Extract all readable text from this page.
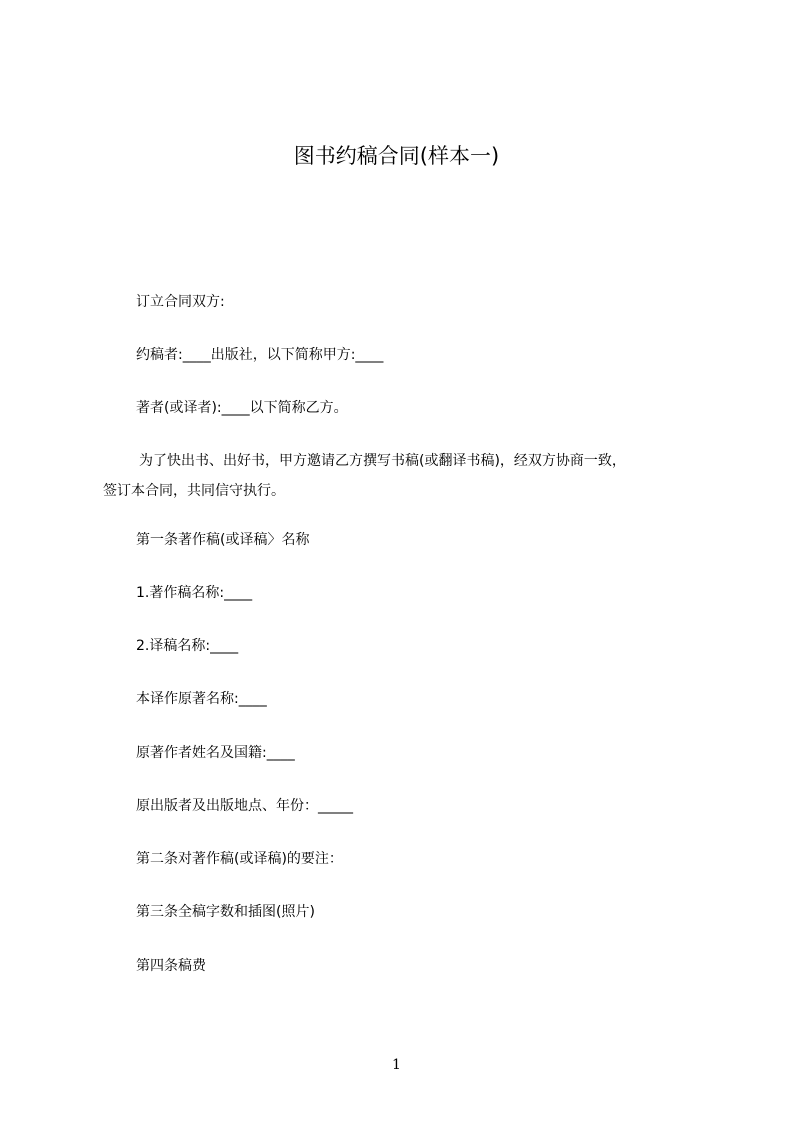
图书约稿合同(样本一)

订立合同双方:

约稿者:____出版社，以下简称甲方:____

著者(或译者):____以下简称乙方。

为了快出书、出好书，甲方邀请乙方撰写书稿(或翻译书稿)，经双方协商一致，
签订本合同，共同信守执行。

第一条著作稿(或译稿〉名称

1.著作稿名称:____

2.译稿名称:____

本译作原著名称:____

原著作者姓名及国籍:____

原出版者及出版地点、年份：_____

第二条对著作稿(或译稿)的要注：

第三条全稿字数和插图(照片)

第四条稿费

1
